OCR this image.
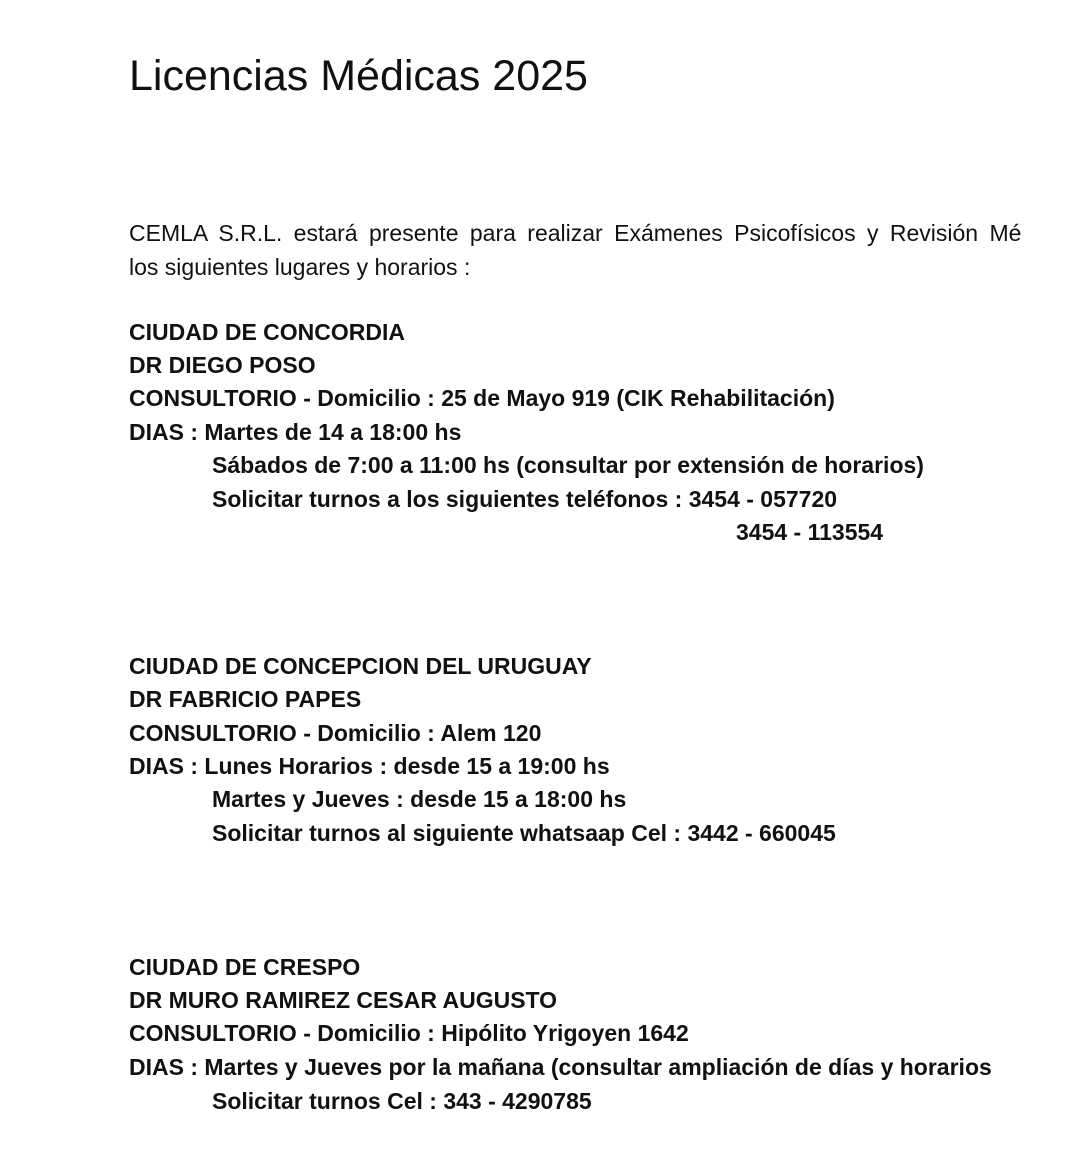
Licencias Médicas 2025
CEMLA S.R.L. estará presente para realizar Exámenes Psicofísicos y Revisión Mé
los siguientes lugares y horarios :
CIUDAD DE CONCORDIA
DR DIEGO POSO
CONSULTORIO - Domicilio : 25 de Mayo 919 (CIK Rehabilitación)
DIAS : Martes de 14 a 18:00 hs
Sábados de 7:00 a 11:00 hs (consultar por extensión de horarios)
Solicitar turnos a los siguientes teléfonos : 3454 - 057720
3454 - 113554
CIUDAD DE CONCEPCION DEL URUGUAY
DR FABRICIO PAPES
CONSULTORIO - Domicilio : Alem 120
DIAS : Lunes Horarios : desde 15 a 19:00 hs
Martes y Jueves : desde 15 a 18:00 hs
Solicitar turnos al siguiente whatsaap Cel : 3442 - 660045
CIUDAD DE CRESPO
DR MURO RAMIREZ CESAR AUGUSTO
CONSULTORIO - Domicilio : Hipólito Yrigoyen 1642
DIAS : Martes y Jueves por la mañana (consultar ampliación de días y horarios
Solicitar turnos Cel : 343 - 4290785
